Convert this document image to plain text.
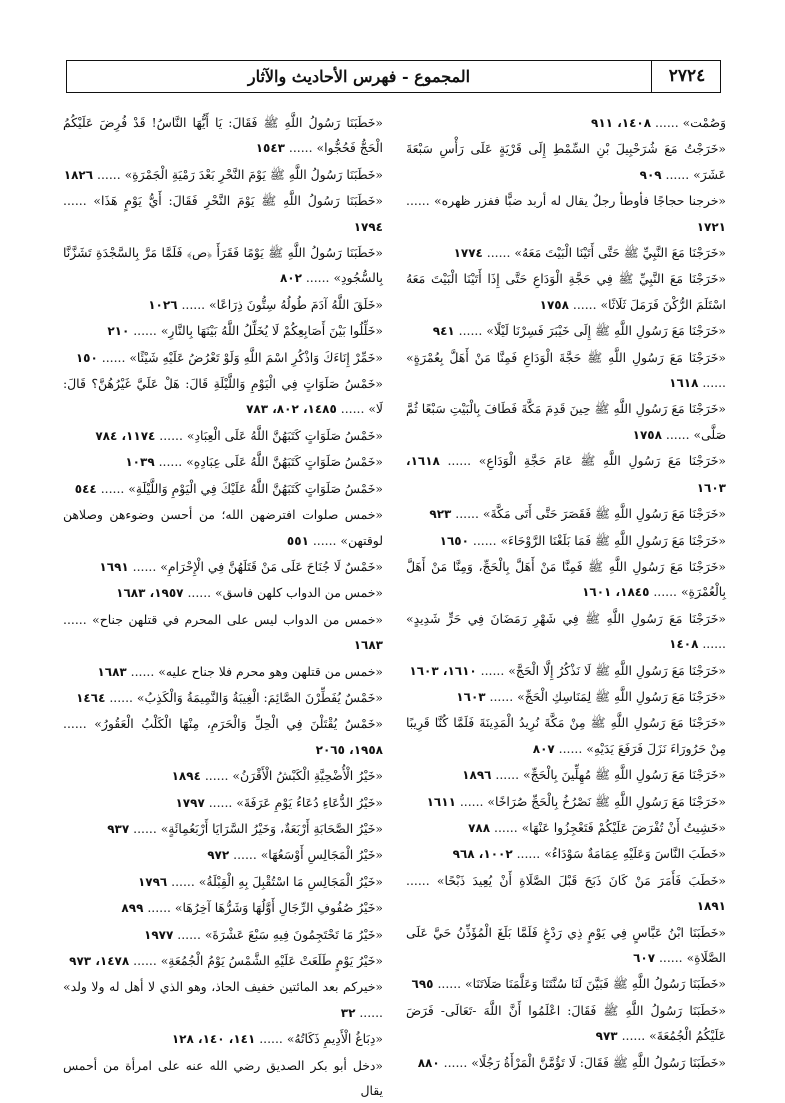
المجموع - فهرس الأحاديث والآثار	٢٧٢٤

وَصُمْت» ...... ١٤٠٨، ٩١١

«خَرَجْتُ مَعَ شُرَحْبِيلَ بْنِ السِّمْطِ إِلَى قَرْيَةٍ عَلَى رَأْسِ سَبْعَةَ عَشَرَ» ...... ٩٠٩

«خرجنا حجاجًا فأوطأ رجلٌ يقال له أربد ضبًّا ففزر ظهره» ...... ١٧٢١

«خَرَجْنَا مَعَ النَّبِيِّ ﷺ حَتَّى أَتَيْنَا الْبَيْتَ مَعَهُ» ...... ١٧٧٤

«خَرَجْنَا مَعَ النَّبِيِّ ﷺ فِي حَجَّةِ الْوَدَاعِ حَتَّى إِذَا أَتَيْنَا الْبَيْتَ مَعَهُ اسْتَلَمَ الرُّكْنَ فَرَمَلَ ثَلَاثًا» ...... ١٧٥٨

«خَرَجْنَا مَعَ رَسُولِ اللَّهِ ﷺ إِلَى خَيْبَرَ فَسِرْنَا لَيْلًا» ...... ٩٤١

«خَرَجْنَا مَعَ رَسُولِ اللَّهِ ﷺ حَجَّةَ الْوَدَاعِ فَمِنَّا مَنْ أَهَلَّ بِعُمْرَةٍ» ...... ١٦١٨

«خَرَجْنَا مَعَ رَسُولِ اللَّهِ ﷺ حِينَ قَدِمَ مَكَّةَ فَطَافَ بِالْبَيْتِ سَبْعًا ثُمَّ صَلَّى» ...... ١٧٥٨

«خَرَجْنَا مَعَ رَسُولِ اللَّهِ ﷺ عَامَ حَجَّةِ الْوَدَاعِ» ...... ١٦١٨، ١٦٠٣

«خَرَجْنَا مَعَ رَسُولِ اللَّهِ ﷺ فَقَصَرَ حَتَّى أَتَى مَكَّةَ» ...... ٩٢٣

«خَرَجْنَا مَعَ رَسُولِ اللَّهِ ﷺ فَمَا بَلَغْنَا الرَّوْحَاءَ» ...... ١٦٥٠

«خَرَجْنَا مَعَ رَسُولِ اللَّهِ ﷺ فَمِنَّا مَنْ أَهَلَّ بِالْحَجِّ، وَمِنَّا مَنْ أَهَلَّ بِالْعُمْرَةِ» ...... ١٨٤٥، ١٦٠١

«خَرَجْنَا مَعَ رَسُولِ اللَّهِ ﷺ فِي شَهْرِ رَمَضَانَ فِي حَرٍّ شَدِيدٍ» ...... ١٤٠٨

«خَرَجْنَا مَعَ رَسُولِ اللَّهِ ﷺ لَا نَذْكُرُ إِلَّا الْحَجَّ» ...... ١٦١٠، ١٦٠٣

«خَرَجْنَا مَعَ رَسُولِ اللَّهِ ﷺ لِمَنَاسِكِ الْحَجِّ» ...... ١٦٠٣

«خَرَجْنَا مَعَ رَسُولِ اللَّهِ ﷺ مِنْ مَكَّةَ نُرِيدُ الْمَدِينَةَ فَلَمَّا كُنَّا قَرِيبًا مِنْ حَرُورَاءَ نَزَلَ فَرَفَعَ يَدَيْهِ» ...... ٨٠٧

«خَرَجْنَا مَعَ رَسُولِ اللَّهِ ﷺ مُهِلِّينَ بِالْحَجِّ» ...... ١٨٩٦

«خَرَجْنَا مَعَ رَسُولِ اللَّهِ ﷺ نَصْرُخُ بِالْحَجِّ صُرَاخًا» ...... ١٦١١

«خَشِيتُ أَنْ تُفْرَضَ عَلَيْكُمْ فَتَعْجِزُوا عَنْهَا» ...... ٧٨٨

«خَطَبَ النَّاسَ وَعَلَيْهِ عِمَامَةٌ سَوْدَاءُ» ...... ١٠٠٢، ٩٦٨

«خَطَبَ فَأَمَرَ مَنْ كَانَ ذَبَحَ قَبْلَ الصَّلَاةِ أَنْ يُعِيدَ ذَبْحًا» ...... ١٨٩١

«خَطَبَنَا ابْنُ عَبَّاسٍ فِي يَوْمٍ ذِي رَدْغٍ فَلَمَّا بَلَغَ الْمُؤَذِّنُ حَيَّ عَلَى الصَّلَاةِ» ...... ٦٠٧

«خَطَبَنَا رَسُولُ اللَّهِ ﷺ فَبَيَّنَ لَنَا سُنَّتَنَا وَعَلَّمَنَا صَلَاتَنَا» ...... ٦٩٥

«خَطَبَنَا رَسُولُ اللَّهِ ﷺ فَقَالَ: اعْلَمُوا أَنَّ اللَّهَ -تَعَالَى- فَرَضَ عَلَيْكُمُ الْجُمُعَةَ» ...... ٩٧٣

«خَطَبَنَا رَسُولُ اللَّهِ ﷺ فَقَالَ: لَا تَؤُمَّنَّ الْمَرْأَةُ رَجُلًا» ...... ٨٨٠

«خَطَبَنَا رَسُولُ اللَّهِ ﷺ فَقَالَ: يَا أَيُّهَا النَّاسُ! قَدْ فُرِضَ عَلَيْكُمُ الْحَجُّ فَحُجُّوا» ...... ١٥٤٣

«خَطَبَنَا رَسُولُ اللَّهِ ﷺ يَوْمَ النَّحْرِ بَعْدَ رَمْيَةِ الْجَمْرَةِ» ...... ١٨٢٦

«خَطَبَنَا رَسُولُ اللَّهِ ﷺ يَوْمَ النَّحْرِ فَقَالَ: أَيُّ يَوْمٍ هَذَا» ...... ١٧٩٤

«خَطَبَنَا رَسُولُ اللَّهِ ﷺ يَوْمًا فَقَرَأَ ﴿ص﴾ فَلَمَّا مَرَّ بِالسَّجْدَةِ تَشَزَّنَّا بِالسُّجُودِ» ...... ٨٠٢

«خَلَقَ اللَّهُ آدَمَ طُولُهُ سِتُّونَ ذِرَاعًا» ...... ١٠٢٦

«خَلِّلُوا بَيْنَ أَصَابِعِكُمْ لَا يُخَلِّلُ اللَّهُ بَيْنَهَا بِالنَّارِ» ...... ٢١٠

«خَمِّرْ إِنَاءَكَ وَاذْكُرِ اسْمَ اللَّهِ وَلَوْ تَعْرُضُ عَلَيْهِ شَيْئًا» ...... ١٥٠

«خَمْسُ صَلَوَاتٍ فِي الْيَوْمِ وَاللَّيْلَةِ قَالَ: هَلْ عَلَيَّ غَيْرُهُنَّ؟ قَالَ: لَا» ...... ١٤٨٥، ٨٠٢، ٧٨٣

«خَمْسُ صَلَوَاتٍ كَتَبَهُنَّ اللَّهُ عَلَى الْعِبَادِ» ...... ١١٧٤، ٧٨٤

«خَمْسُ صَلَوَاتٍ كَتَبَهُنَّ اللَّهُ عَلَى عِبَادِهِ» ...... ١٠٣٩

«خَمْسُ صَلَوَاتٍ كَتَبَهُنَّ اللَّهُ عَلَيْكَ فِي الْيَوْمِ وَاللَّيْلَةِ» ...... ٥٤٤

«خمس صلوات افترضهن الله؛ من أحسن وضوءهن وصلاهن لوقتهن» ...... ٥٥١

«خَمْسٌ لَا جُنَاحَ عَلَى مَنْ قَتَلَهُنَّ فِي الْإِحْرَامِ» ...... ١٦٩١

«خمس من الدواب كلهن فاسق» ...... ١٩٥٧، ١٦٨٣

«خمس من الدواب ليس على المحرم في قتلهن جناح» ...... ١٦٨٣

«خمس من قتلهن وهو محرم فلا جناح عليه» ...... ١٦٨٣

«خَمْسٌ يُفَطِّرْنَ الصَّائِمَ: الْغِيبَةُ وَالنَّمِيمَةُ وَالْكَذِبُ» ...... ١٤٦٤

«خَمْسٌ يُقْتَلْنَ فِي الْحِلِّ وَالْحَرَمِ، مِنْهَا الْكَلْبُ الْعَقُورُ» ...... ١٩٥٨، ٢٠٦٥

«خَيْرُ الْأُضْحِيَّةِ الْكَبْشُ الْأَقْرَنُ» ...... ١٨٩٤

«خَيْرُ الدُّعَاءِ دُعَاءُ يَوْمِ عَرَفَةَ» ...... ١٧٩٧

«خَيْرُ الصَّحَابَةِ أَرْبَعَةٌ، وَخَيْرُ السَّرَايَا أَرْبَعُمِائَةٍ» ...... ٩٣٧

«خَيْرُ الْمَجَالِسِ أَوْسَعُهَا» ...... ٩٧٢

«خَيْرُ الْمَجَالِسِ مَا اسْتُقْبِلَ بِهِ الْقِبْلَةُ» ...... ١٧٩٦

«خَيْرُ صُفُوفِ الرِّجَالِ أَوَّلُهَا وَشَرُّهَا آخِرُهَا» ...... ٨٩٩

«خَيْرُ مَا تَحْتَجِمُونَ فِيهِ سَبْعَ عَشْرَةَ» ...... ١٩٧٧

«خَيْرُ يَوْمٍ طَلَعَتْ عَلَيْهِ الشَّمْسُ يَوْمُ الْجُمُعَةِ» ...... ١٤٧٨، ٩٧٣

«خيركم بعد المائتين خفيف الحاذ، وهو الذي لا أهل له ولا ولد» ...... ٣٢

«دِبَاغُ الْأَدِيمِ ذَكَاتُهُ» ...... ١٤١، ١٤٠، ١٢٨

«دخل أبو بكر الصديق رضي الله عنه على امرأة من أحمس يقال
